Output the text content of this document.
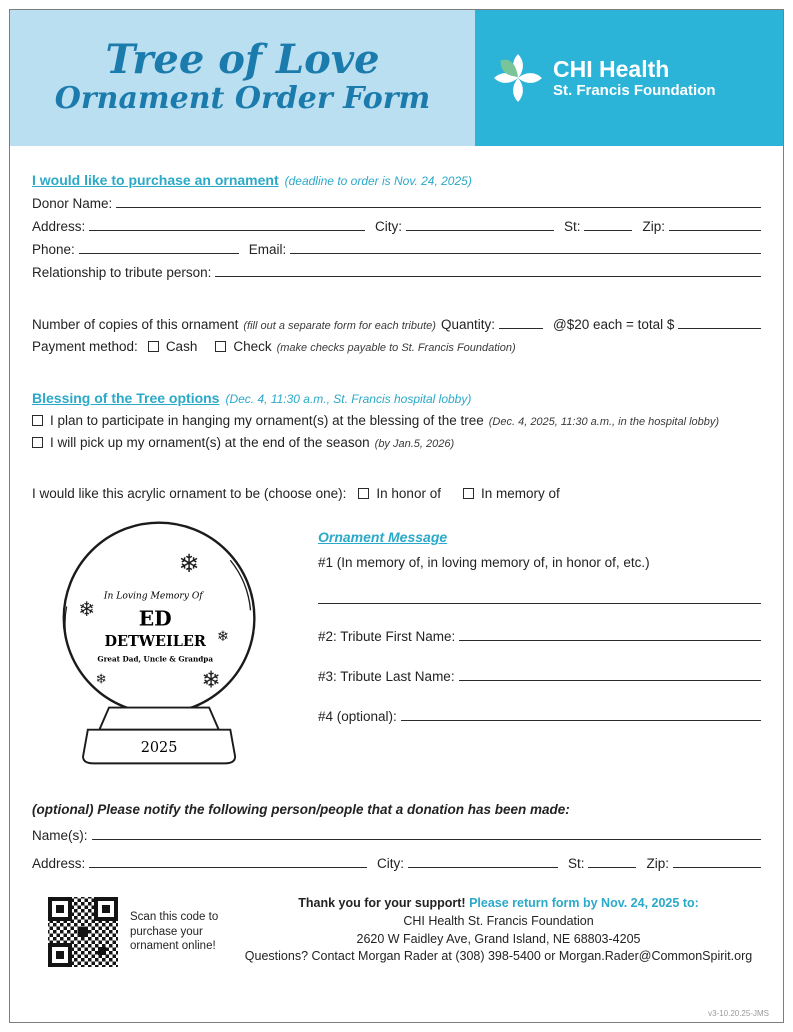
Tree of Love
Ornament Order Form
CHI Health
St. Francis Foundation
I would like to purchase an ornament (deadline to order is Nov. 24, 2025)
Donor Name:
Address:	City:	St:	Zip:
Phone:	Email:
Relationship to tribute person:
Number of copies of this ornament (fill out a separate form for each tribute) Quantity:	@$20 each = total $
Payment method: Cash	Check (make checks payable to St. Francis Foundation)
Blessing of the Tree options (Dec. 4, 11:30 a.m., St. Francis hospital lobby)
I plan to participate in hanging my ornament(s) at the blessing of the tree (Dec. 4, 2025, 11:30 a.m., in the hospital lobby)
I will pick up my ornament(s) at the end of the season (by Jan.5, 2026)
I would like this acrylic ornament to be (choose one): In honor of	In memory of
❄
❄
❄
❄
❄
In Loving Memory Of
ED
DETWEILER
Great Dad, Uncle & Grandpa
2025
Ornament Message
#1 (In memory of, in loving memory of, in honor of, etc.)
#2: Tribute First Name:
#3: Tribute Last Name:
#4 (optional):
(optional) Please notify the following person/people that a donation has been made:
Name(s):
Address:	City:	St:	Zip:
Scan this code to purchase your ornament online!
Thank you for your support! Please return form by Nov. 24, 2025 to:
CHI Health St. Francis Foundation
2620 W Faidley Ave, Grand Island, NE 68803-4205
Questions? Contact Morgan Rader at (308) 398-5400 or Morgan.Rader@CommonSpirit.org
v3-10.20.25-JMS
